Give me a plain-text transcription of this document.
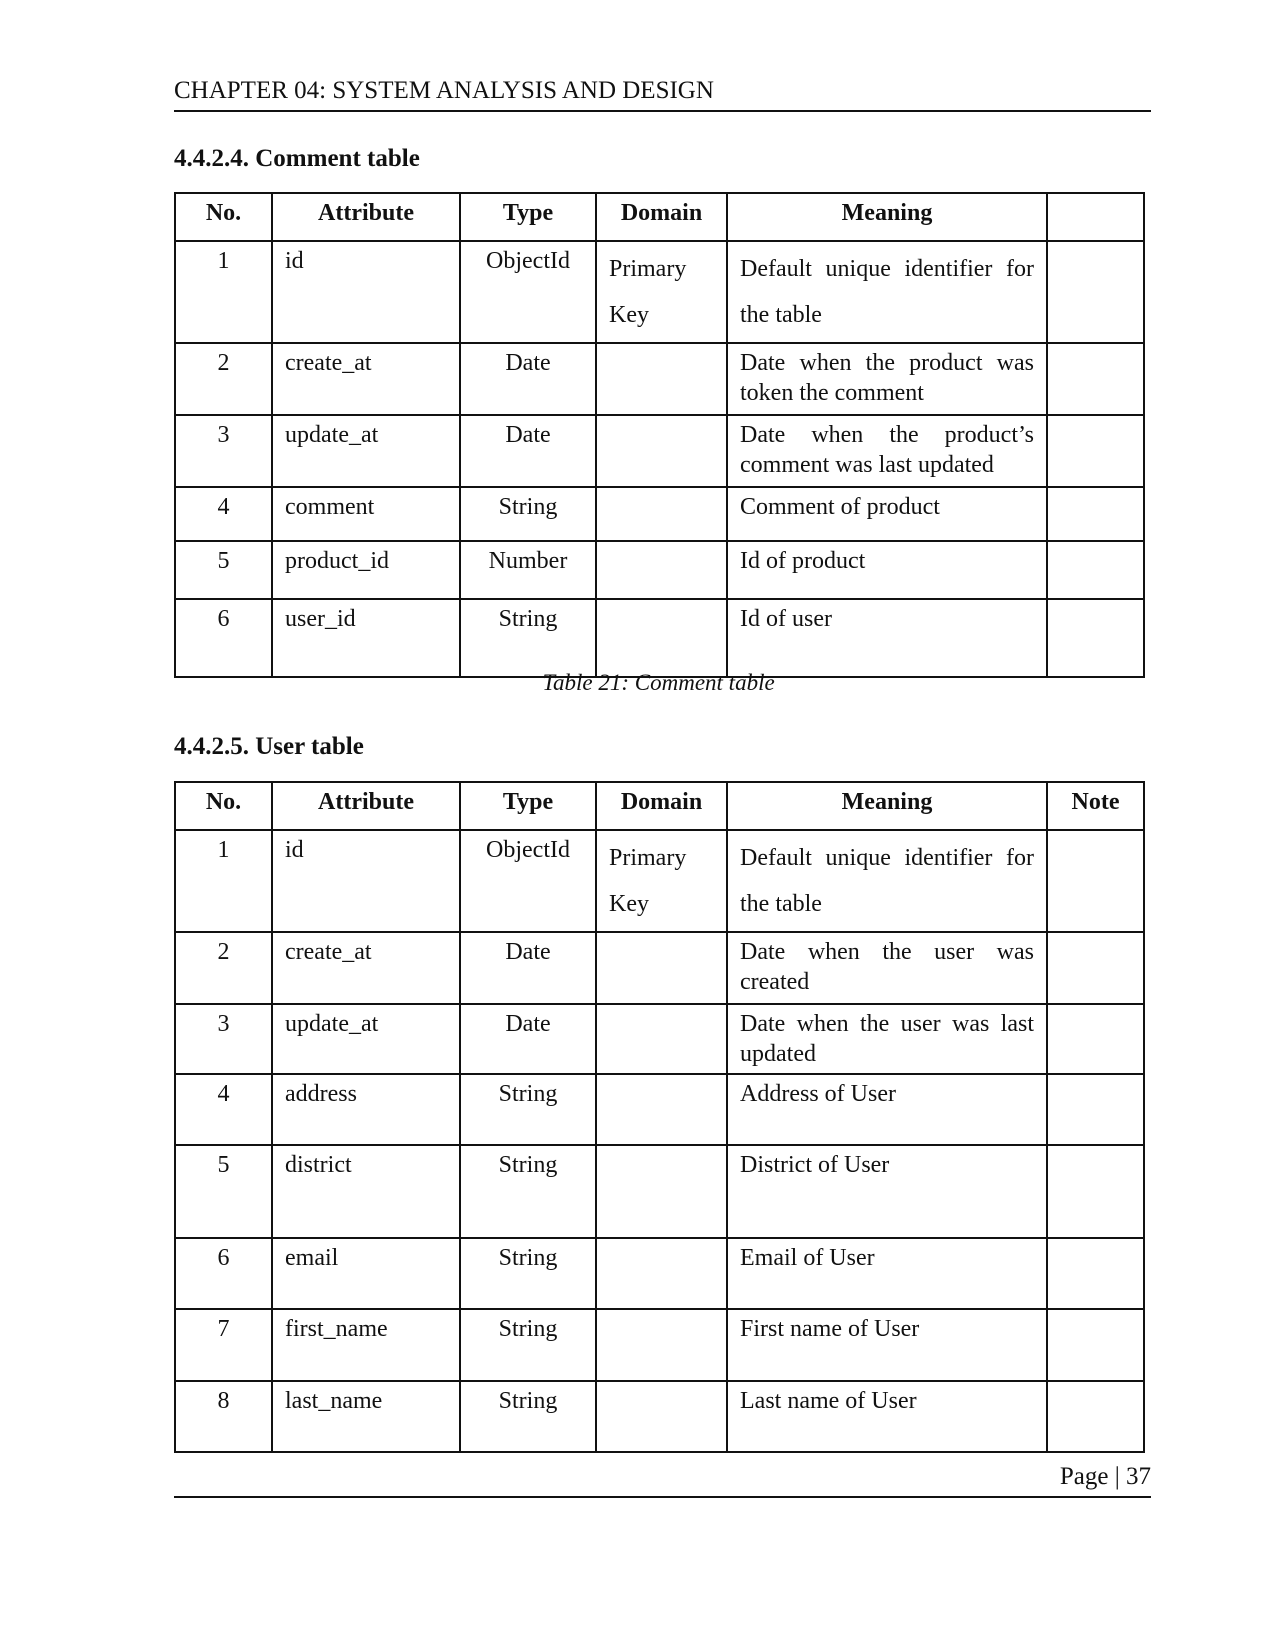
CHAPTER 04: SYSTEM ANALYSIS AND DESIGN
4.4.2.4. Comment table
No.	Attribute	Type	Domain	Meaning	
1	id	ObjectId	Primary Key	Default unique identifier for the table	
2	create_at	Date		Date when the product was token the comment	
3	update_at	Date		Date when the product’s comment was last updated	
4	comment	String		Comment of product	
5	product_id	Number		Id of product	
6	user_id	String		Id of user	
Table 21: Comment table
4.4.2.5. User table
No.	Attribute	Type	Domain	Meaning	Note
1	id	ObjectId	Primary Key	Default unique identifier for the table	
2	create_at	Date		Date when the user was created	
3	update_at	Date		Date when the user was last updated	
4	address	String		Address of User	
5	district	String		District of User	
6	email	String		Email of User	
7	first_name	String		First name of User	
8	last_name	String		Last name of User	
Page | 37
